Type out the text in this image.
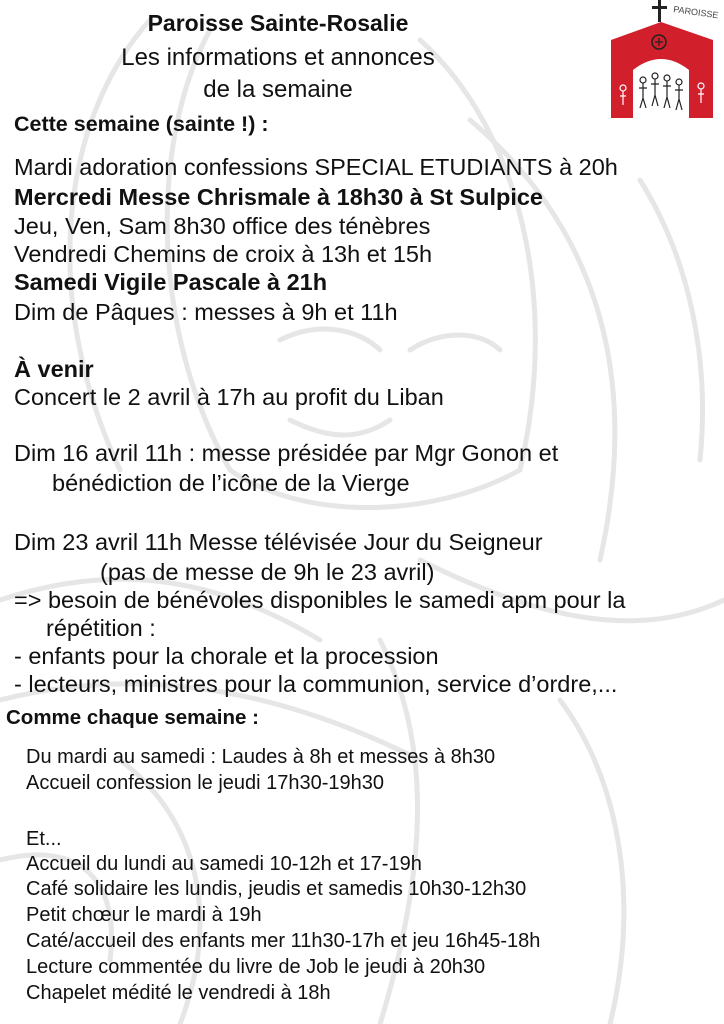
PAROISSE
Paroisse Sainte-Rosalie
Les informations et annonces
de la semaine
Cette semaine (sainte !) :
Mardi adoration confessions SPECIAL ETUDIANTS à 20h
Mercredi Messe Chrismale à 18h30 à St Sulpice
Jeu, Ven, Sam 8h30 office des ténèbres
Vendredi Chemins de croix à 13h et 15h
Samedi Vigile Pascale à 21h
Dim de Pâques : messes à 9h et 11h
À venir
Concert le 2 avril à 17h au profit du Liban
Dim 16 avril 11h : messe présidée par Mgr Gonon et
bénédiction de l’icône de la Vierge
Dim 23 avril 11h Messe télévisée Jour du Seigneur
(pas de messe de 9h le 23 avril)
=> besoin de bénévoles disponibles le samedi apm pour la
répétition :
- enfants pour la chorale et la procession
- lecteurs, ministres pour la communion, service d’ordre,...
Comme chaque semaine :
Du mardi au samedi : Laudes à 8h et messes à 8h30
Accueil confession le jeudi 17h30-19h30
Et...
Accueil du lundi au samedi 10-12h et 17-19h
Café solidaire les lundis, jeudis et samedis 10h30-12h30
Petit chœur le mardi à 19h
Caté/accueil des enfants mer 11h30-17h et jeu 16h45-18h
Lecture commentée du livre de Job le jeudi à 20h30
Chapelet médité le vendredi à 18h
